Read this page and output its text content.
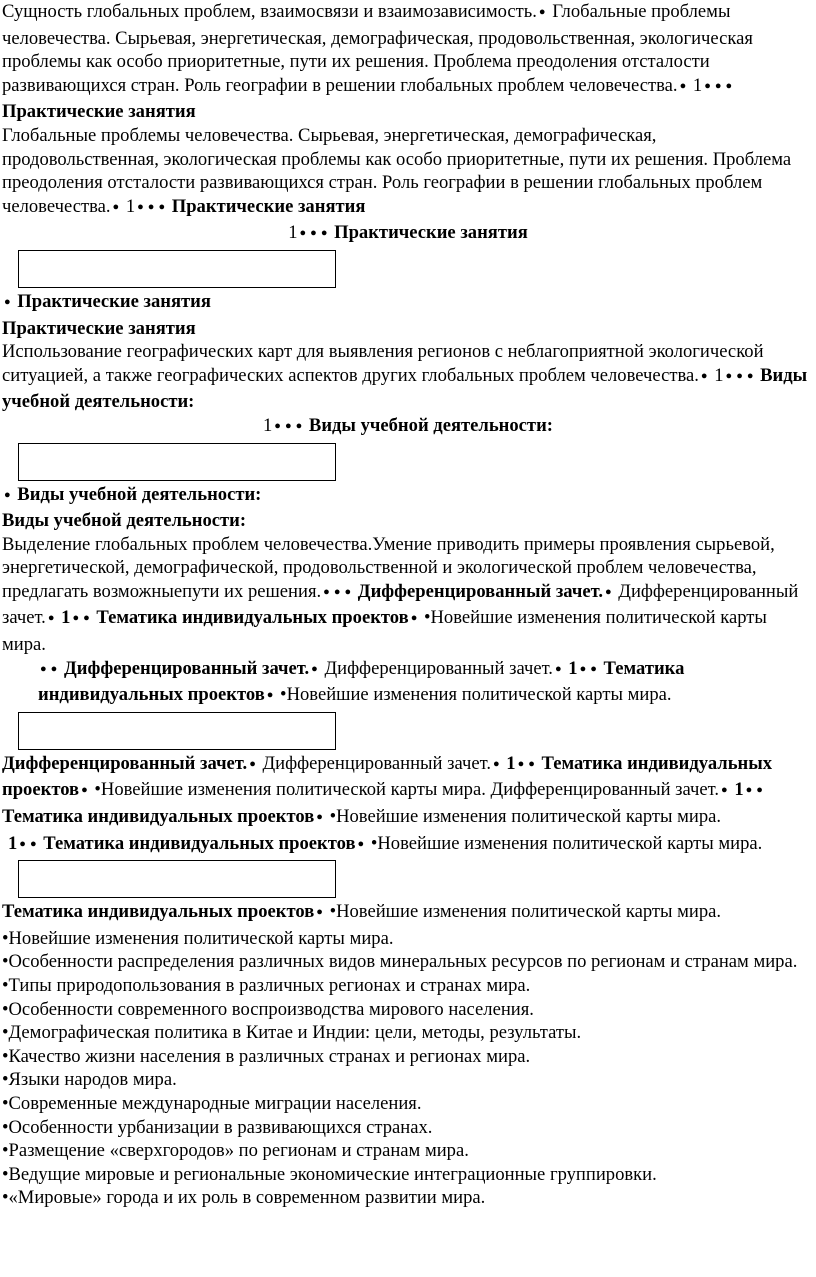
Сущность глобальных проблем, взаимосвязи и взаимозависимость.● Глобальные проблемы человечества. Сырьевая, энергетическая, демографическая, продовольственная, экологическая проблемы как особо приоритетные, пути их решения. Проблема преодоления отсталости развивающихся стран. Роль географии в решении глобальных проблем человечества.● 1● ● ● Практические занятия

Глобальные проблемы человечества. Сырьевая, энергетическая, демографическая, продовольственная, экологическая проблемы как особо приоритетные, пути их решения. Проблема преодоления отсталости развивающихся стран. Роль географии в решении глобальных проблем человечества.● 1● ● ● Практические занятия

1● ● ● Практические занятия

● Практические занятия

Практические занятия

Использование географических карт для выявления регионов с неблагоприятной экологической ситуацией, а также географических аспектов других глобальных проблем человечества.● 1● ● ● Виды учебной деятельности:

1● ● ● Виды учебной деятельности:

● Виды учебной деятельности:

Виды учебной деятельности:

Выделение глобальных проблем человечества.Умение приводить примеры проявления сырьевой, энергетической, демографической, продовольственной и экологической проблем человечества, предлагать возможныепути их решения.● ● ● Дифференцированный зачет.● Дифференцированный зачет.● 1● ● Тематика индивидуальных проектов● •Новейшие изменения политической карты мира.

● ● Дифференцированный зачет.● Дифференцированный зачет.● 1● ● Тематика индивидуальных проектов● •Новейшие изменения политической карты мира.

Дифференцированный зачет.● Дифференцированный зачет.● 1● ● Тематика индивидуальных проектов● •Новейшие изменения политической карты мира. Дифференцированный зачет.● 1● ● Тематика индивидуальных проектов● •Новейшие изменения политической карты мира.

1● ● Тематика индивидуальных проектов● •Новейшие изменения политической карты мира.

Тематика индивидуальных проектов● •Новейшие изменения политической карты мира.

•Новейшие изменения политической карты мира.

•Особенности распределения различных видов минеральных ресурсов по регионам и странам мира.

•Типы природопользования в различных регионах и странах мира.

•Особенности современного воспроизводства мирового населения.

•Демографическая политика в Китае и Индии: цели, методы, результаты.

•Качество жизни населения в различных странах и регионах мира.

•Языки народов мира.

•Современные международные миграции населения.

•Особенности урбанизации в развивающихся странах.

•Размещение «сверхгородов» по регионам и странам мира.

•Ведущие мировые и региональные экономические интеграционные группировки.

•«Мировые» города и их роль в современном развитии мира.
